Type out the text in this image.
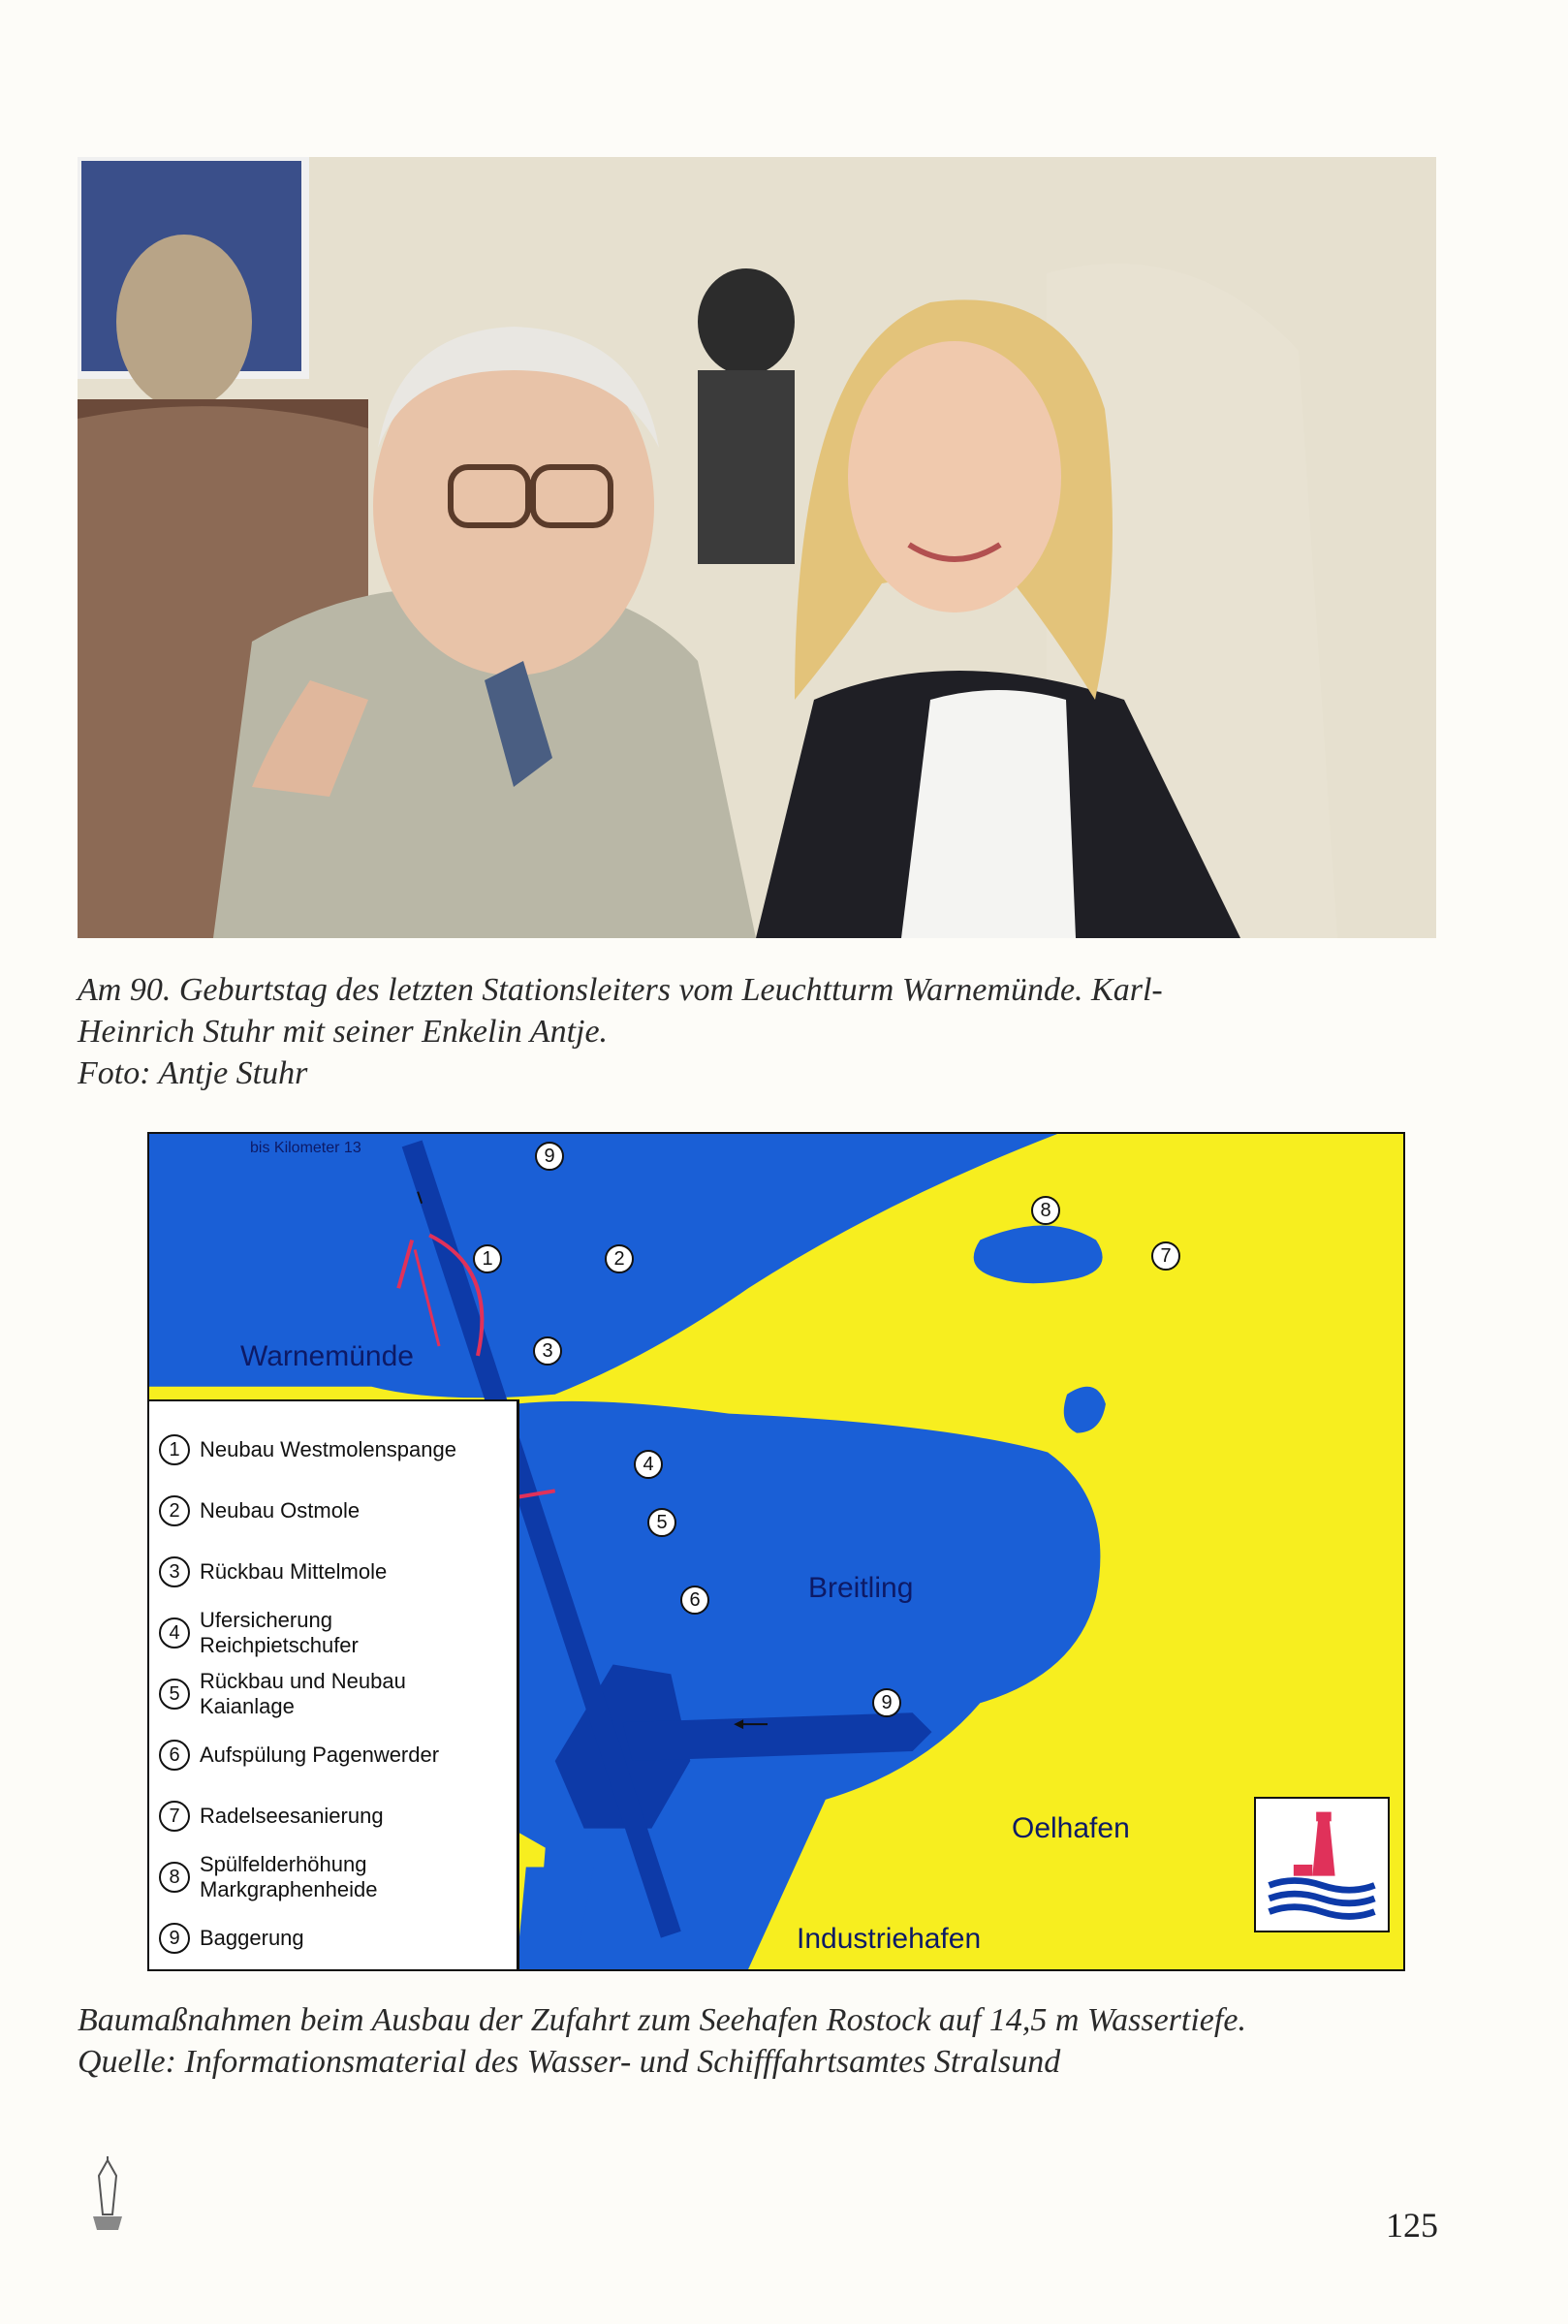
Am 90. Geburtstag des letzten Stationsleiters vom Leuchtturm Warnemünde. Karl-

Heinrich Stuhr mit seiner Enkelin Antje.

Foto: Antje Stuhr

bis Kilometer 13
Warnemünde
Breitling
Oelhafen
Industriehafen
9
1	2
3
4
5
6
7
8
9
1 Neubau Westmolenspange
2 Neubau Ostmole
3 Rückbau Mittelmole
4
Ufersicherung Reichpietschufer
5
Rückbau und Neubau Kaianlage
6 Aufspülung Pagenwerder
7 Radelseesanierung
8
Spülfelderhöhung Markgraphenheide
9 Baggerung

Baumaßnahmen beim Ausbau der Zufahrt zum Seehafen Rostock auf 14,5 m Wassertiefe.

Quelle: Informationsmaterial des Wasser- und Schifffahrtsamtes Stralsund

125
